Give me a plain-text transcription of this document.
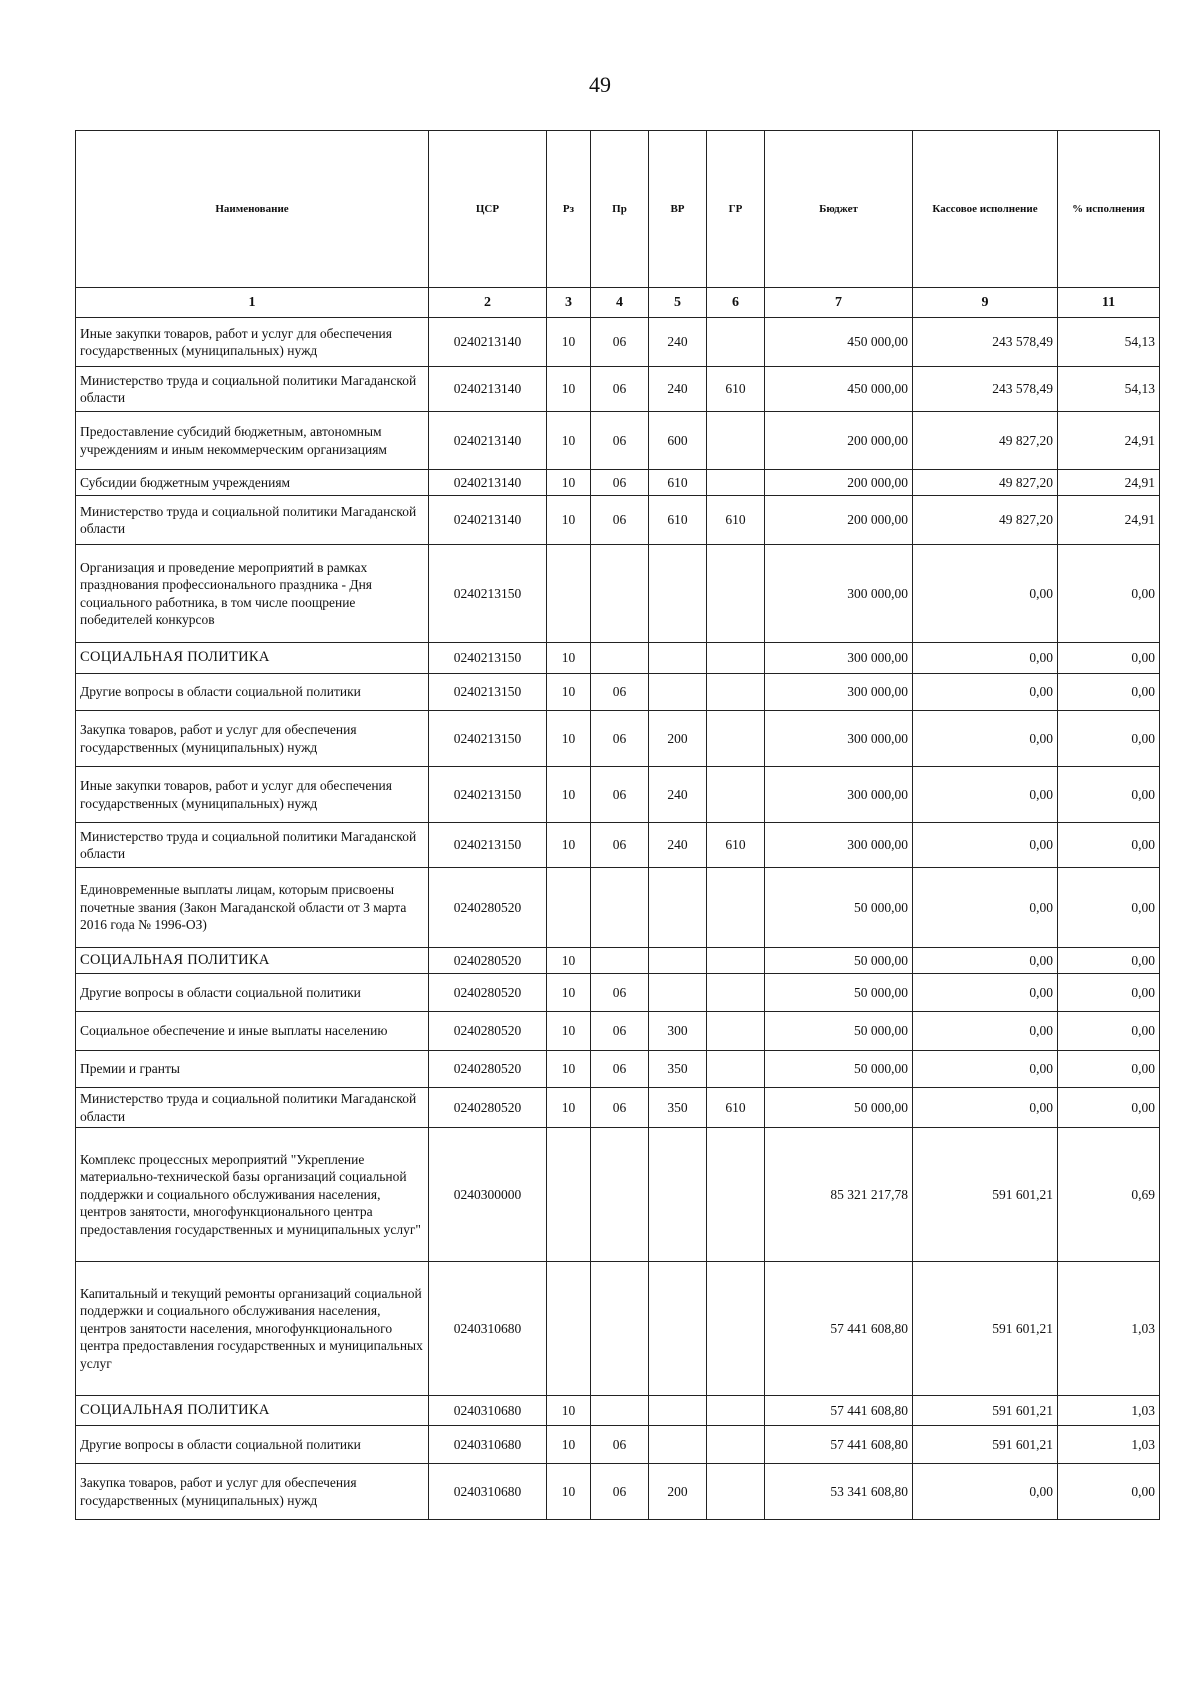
49
Наименование	ЦСР	Рз	Пр	ВР	ГР	Бюджет	Кассовое исполнение	% исполнения
1	2	3	4	5	6	7	9	11
Иные закупки товаров, работ и услуг для обеспечения государственных (муниципальных) нужд	0240213140	10	06	240		450 000,00	243 578,49	54,13
Министерство труда и социальной политики Магаданской области	0240213140	10	06	240	610	450 000,00	243 578,49	54,13
Предоставление субсидий бюджетным, автономным учреждениям и иным некоммерческим организациям	0240213140	10	06	600		200 000,00	49 827,20	24,91
Субсидии бюджетным учреждениям	0240213140	10	06	610		200 000,00	49 827,20	24,91
Министерство труда и социальной политики Магаданской области	0240213140	10	06	610	610	200 000,00	49 827,20	24,91
Организация и проведение мероприятий в рамках празднования профессионального праздника - Дня социального работника, в том числе поощрение победителей конкурсов	0240213150					300 000,00	0,00	0,00
СОЦИАЛЬНАЯ ПОЛИТИКА	0240213150	10				300 000,00	0,00	0,00
Другие вопросы в области социальной политики	0240213150	10	06			300 000,00	0,00	0,00
Закупка товаров, работ и услуг для обеспечения государственных (муниципальных) нужд	0240213150	10	06	200		300 000,00	0,00	0,00
Иные закупки товаров, работ и услуг для обеспечения государственных (муниципальных) нужд	0240213150	10	06	240		300 000,00	0,00	0,00
Министерство труда и социальной политики Магаданской области	0240213150	10	06	240	610	300 000,00	0,00	0,00
Единовременные выплаты лицам, которым присвоены почетные звания (Закон Магаданской области от 3 марта 2016 года № 1996-ОЗ)	0240280520					50 000,00	0,00	0,00
СОЦИАЛЬНАЯ ПОЛИТИКА	0240280520	10				50 000,00	0,00	0,00
Другие вопросы в области социальной политики	0240280520	10	06			50 000,00	0,00	0,00
Социальное обеспечение и иные выплаты населению	0240280520	10	06	300		50 000,00	0,00	0,00
Премии и гранты	0240280520	10	06	350		50 000,00	0,00	0,00
Министерство труда и социальной политики Магаданской области	0240280520	10	06	350	610	50 000,00	0,00	0,00
Комплекс процессных мероприятий "Укрепление материально-технической базы организаций социальной поддержки и социального обслуживания населения, центров занятости, многофункционального центра предоставления государственных и муниципальных услуг"	0240300000					85 321 217,78	591 601,21	0,69
Капитальный и текущий ремонты организаций социальной поддержки и социального обслуживания населения, центров занятости населения, многофункционального центра предоставления государственных и муниципальных услуг	0240310680					57 441 608,80	591 601,21	1,03
СОЦИАЛЬНАЯ ПОЛИТИКА	0240310680	10				57 441 608,80	591 601,21	1,03
Другие вопросы в области социальной политики	0240310680	10	06			57 441 608,80	591 601,21	1,03
Закупка товаров, работ и услуг для обеспечения государственных (муниципальных) нужд	0240310680	10	06	200		53 341 608,80	0,00	0,00
